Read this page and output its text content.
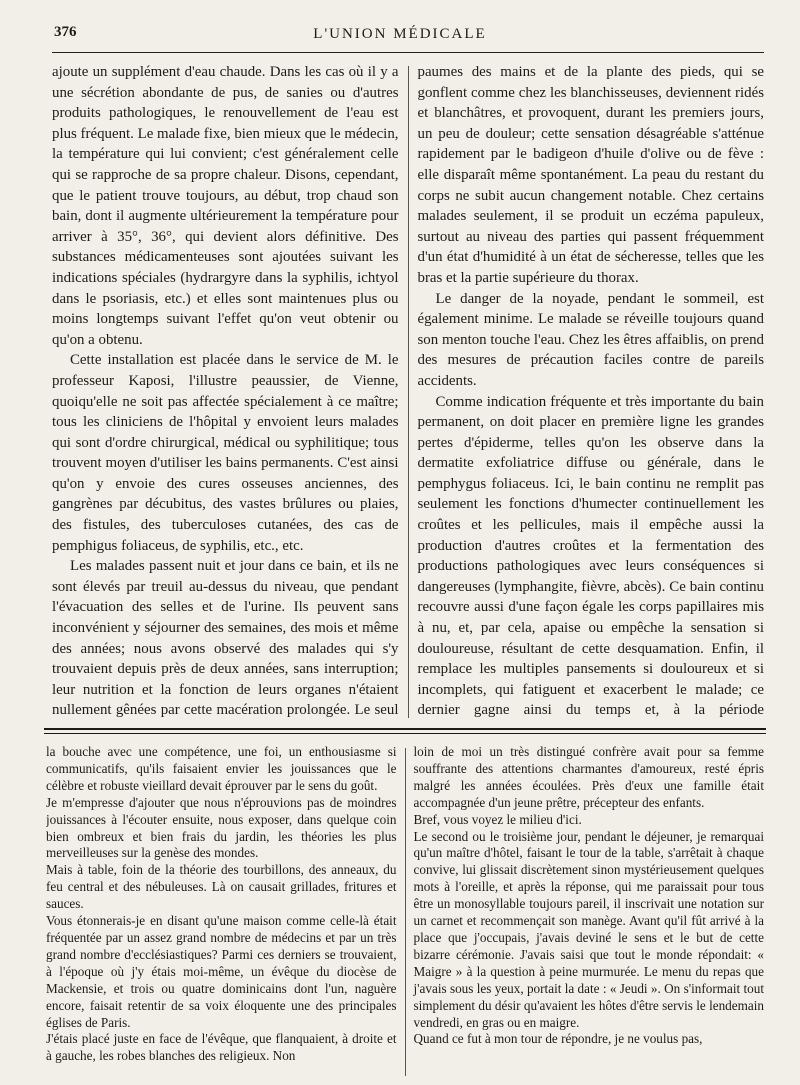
376	L'UNION MÉDICALE

ajoute un supplément d'eau chaude. Dans les cas où il y a une sécrétion abondante de pus, de sanies ou d'autres produits pathologiques, le renouvellement de l'eau est plus fréquent. Le malade fixe, bien mieux que le médecin, la température qui lui convient; c'est généralement celle qui se rapproche de sa propre chaleur. Disons, cependant, que le patient trouve toujours, au début, trop chaud son bain, dont il augmente ultérieurement la température pour arriver à 35°, 36°, qui devient alors définitive. Des substances médicamenteuses sont ajoutées suivant les indications spéciales (hydrargyre dans la syphilis, ichtyol dans le psoriasis, etc.) et elles sont maintenues plus ou moins longtemps suivant l'effet qu'on veut obtenir ou qu'on a obtenu.

Cette installation est placée dans le service de M. le professeur Kaposi, l'illustre peaussier, de Vienne, quoiqu'elle ne soit pas affectée spécialement à ce maître; tous les cliniciens de l'hôpital y envoient leurs malades qui sont d'ordre chirurgical, médical ou syphilitique; tous trouvent moyen d'utiliser les bains permanents. C'est ainsi qu'on y envoie des cures osseuses anciennes, des gangrènes par décubitus, des vastes brûlures ou plaies, des fistules, des tuberculoses cutanées, des cas de pemphigus foliaceus, de syphilis, etc., etc.

Les malades passent nuit et jour dans ce bain, et ils ne sont élevés par treuil au-dessus du niveau, que pendant l'évacuation des selles et de l'urine. Ils peuvent sans inconvénient y séjourner des semaines, des mois et même des années; nous avons observé des malades qui s'y trouvaient depuis près de deux années, sans interruption; leur nutrition et la fonction de leurs organes n'étaient nullement gênées par cette macération prolongée. Le seul

paumes des mains et de la plante des pieds, qui se gonflent comme chez les blanchisseuses, deviennent ridés et blanchâtres, et provoquent, durant les premiers jours, un peu de douleur; cette sensation désagréable s'atténue rapidement par le badigeon d'huile d'olive ou de fève : elle disparaît même spontanément. La peau du restant du corps ne subit aucun changement notable. Chez certains malades seulement, il se produit un eczéma papuleux, surtout au niveau des parties qui passent fréquemment d'un état d'humidité à un état de sécheresse, telles que les bras et la partie supérieure du thorax.

Le danger de la noyade, pendant le sommeil, est également minime. Le malade se réveille toujours quand son menton touche l'eau. Chez les êtres affaiblis, on prend des mesures de précaution faciles contre de pareils accidents.

Comme indication fréquente et très importante du bain permanent, on doit placer en première ligne les grandes pertes d'épiderme, telles qu'on les observe dans la dermatite exfoliatrice diffuse ou générale, dans le pemphygus foliaceus. Ici, le bain continu ne remplit pas seulement les fonctions d'humecter continuellement les croûtes et les pellicules, mais il empêche aussi la production d'autres croûtes et la fermentation des productions pathologiques avec leurs conséquences si dangereuses (lymphangite, fièvre, abcès). Ce bain continu recouvre aussi d'une façon égale les corps papillaires mis à nu, et, par cela, apaise ou empêche la sensation si douloureuse, résultant de cette desquamation. Enfin, il remplace les multiples pansements si douloureux et si incomplets, qui fatiguent et exacerbent le malade; ce dernier gagne ainsi du temps et, à la période

la bouche avec une compétence, une foi, un enthousiasme si communicatifs, qu'ils faisaient envier les jouissances que le célèbre et robuste vieillard devait éprouver par le sens du goût.

Je m'empresse d'ajouter que nous n'éprouvions pas de moindres jouissances à l'écouter ensuite, nous exposer, dans quelque coin bien ombreux et bien frais du jardin, les théories les plus merveilleuses sur la genèse des mondes.

Mais à table, foin de la théorie des tourbillons, des anneaux, du feu central et des nébuleuses. Là on causait grillades, fritures et sauces.

Vous étonnerais-je en disant qu'une maison comme celle-là était fréquentée par un assez grand nombre de médecins et par un très grand nombre d'ecclésiastiques? Parmi ces derniers se trouvaient, à l'époque où j'y étais moi-même, un évêque du diocèse de Mackensie, et trois ou quatre dominicains dont l'un, naguère encore, faisait retentir de sa voix éloquente une des principales églises de Paris.

J'étais placé juste en face de l'évêque, que flanquaient, à droite et à gauche, les robes blanches des religieux. Non

loin de moi un très distingué confrère avait pour sa femme souffrante des attentions charmantes d'amoureux, resté épris malgré les années écoulées. Près d'eux une famille était accompagnée d'un jeune prêtre, précepteur des enfants.

Bref, vous voyez le milieu d'ici.

Le second ou le troisième jour, pendant le déjeuner, je remarquai qu'un maître d'hôtel, faisant le tour de la table, s'arrêtait à chaque convive, lui glissait discrètement sinon mystérieusement quelques mots à l'oreille, et après la réponse, qui me paraissait pour tous être un monosyllable toujours pareil, il inscrivait une notation sur un carnet et recommençait son manège. Avant qu'il fût arrivé à la place que j'occupais, j'avais deviné le sens et le but de cette bizarre cérémonie. J'avais saisi que tout le monde répondait: « Maigre » à la question à peine murmurée. Le menu du repas que j'avais sous les yeux, portait la date : « Jeudi ». On s'informait tout simplement du désir qu'avaient les hôtes d'être servis le lendemain vendredi, en gras ou en maigre.

Quand ce fut à mon tour de répondre, je ne voulus pas,
